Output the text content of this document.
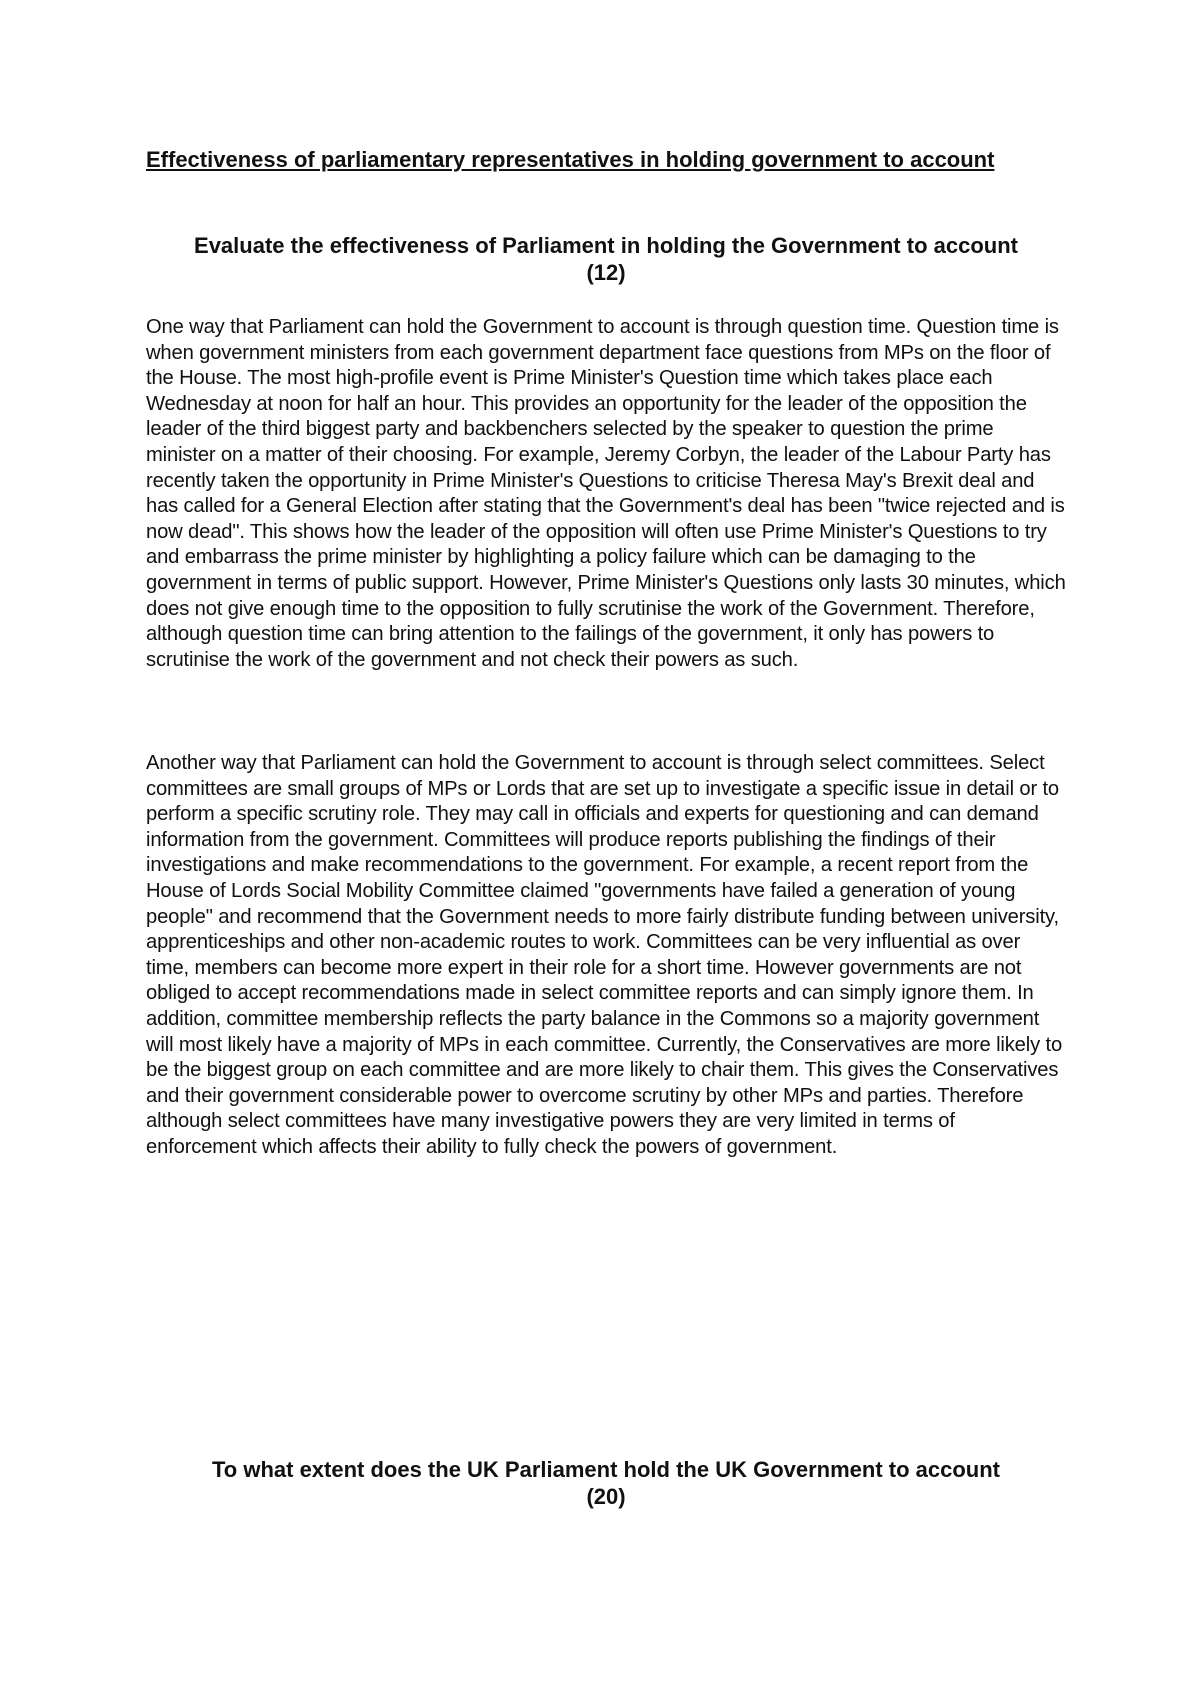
Effectiveness of parliamentary representatives in holding government to account
Evaluate the effectiveness of Parliament in holding the Government to account
(12)

One way that Parliament can hold the Government to account is through question time. Question time is when government ministers from each government department face questions from MPs on the floor of the House. The most high-profile event is Prime Minister's Question time which takes place each Wednesday at noon for half an hour. This provides an opportunity for the leader of the opposition the leader of the third biggest party and backbenchers selected by the speaker to question the prime minister on a matter of their choosing. For example, Jeremy Corbyn, the leader of the Labour Party has recently taken the opportunity in Prime Minister's Questions to criticise Theresa May's Brexit deal and has called for a General Election after stating that the Government's deal has been "twice rejected and is now dead". This shows how the leader of the opposition will often use Prime Minister's Questions to try and embarrass the prime minister by highlighting a policy failure which can be damaging to the government in terms of public support. However, Prime Minister's Questions only lasts 30 minutes, which does not give enough time to the opposition to fully scrutinise the work of the Government. Therefore, although question time can bring attention to the failings of the government, it only has powers to scrutinise the work of the government and not check their powers as such.

Another way that Parliament can hold the Government to account is through select committees. Select committees are small groups of MPs or Lords that are set up to investigate a specific issue in detail or to perform a specific scrutiny role. They may call in officials and experts for questioning and can demand information from the government. Committees will produce reports publishing the findings of their investigations and make recommendations to the government. For example, a recent report from the House of Lords Social Mobility Committee claimed "governments have failed a generation of young people" and recommend that the Government needs to more fairly distribute funding between university, apprenticeships and other non-academic routes to work. Committees can be very influential as over time, members can become more expert in their role for a short time. However governments are not obliged to accept recommendations made in select committee reports and can simply ignore them. In addition, committee membership reflects the party balance in the Commons so a majority government will most likely have a majority of MPs in each committee. Currently, the Conservatives are more likely to be the biggest group on each committee and are more likely to chair them. This gives the Conservatives and their government considerable power to overcome scrutiny by other MPs and parties. Therefore although select committees have many investigative powers they are very limited in terms of enforcement which affects their ability to fully check the powers of government.

To what extent does the UK Parliament hold the UK Government to account
(20)
